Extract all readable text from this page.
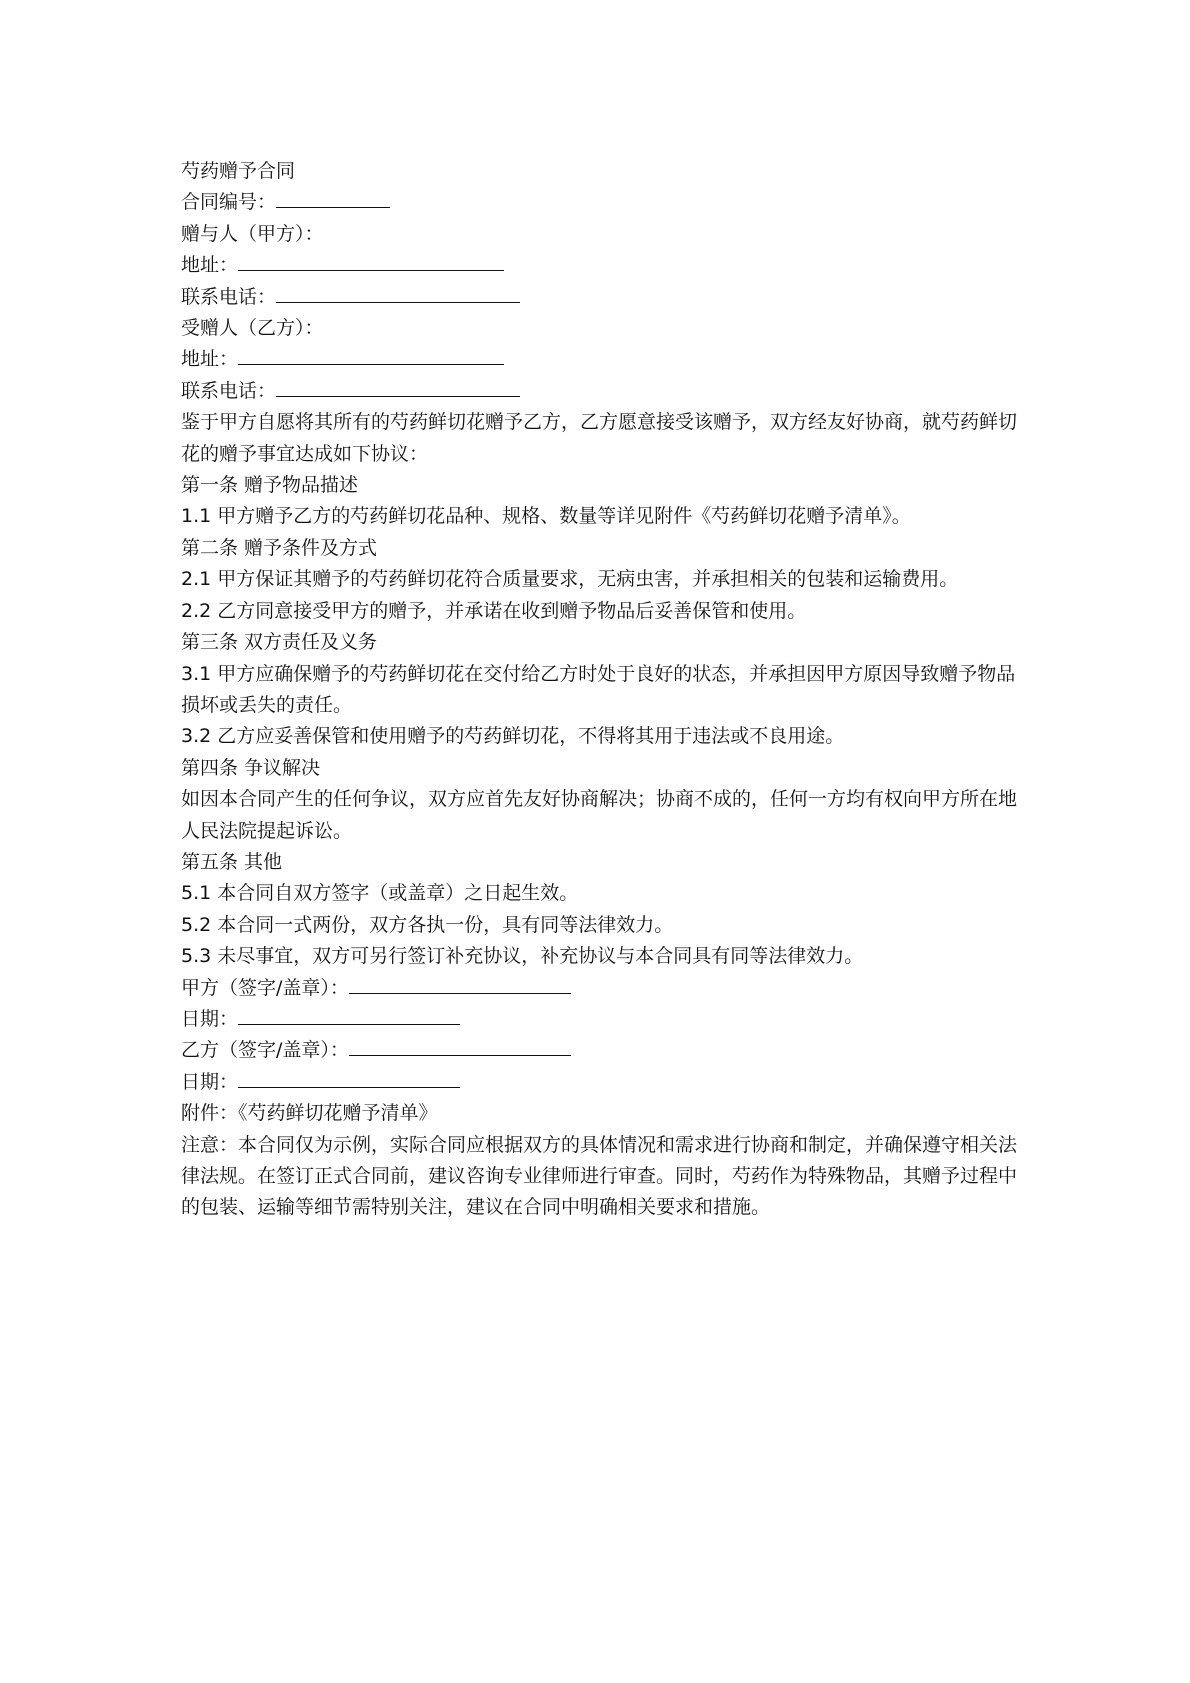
芍药赠予合同

合同编号：

赠与人（甲方）：

地址：

联系电话：

受赠人（乙方）：

地址：

联系电话：

鉴于甲方自愿将其所有的芍药鲜切花赠予乙方，乙方愿意接受该赠予，双方经友好协商，就芍药鲜切花的赠予事宜达成如下协议：

第一条 赠予物品描述

1.1 甲方赠予乙方的芍药鲜切花品种、规格、数量等详见附件《芍药鲜切花赠予清单》。

第二条 赠予条件及方式

2.1 甲方保证其赠予的芍药鲜切花符合质量要求，无病虫害，并承担相关的包装和运输费用。

2.2 乙方同意接受甲方的赠予，并承诺在收到赠予物品后妥善保管和使用。

第三条 双方责任及义务

3.1 甲方应确保赠予的芍药鲜切花在交付给乙方时处于良好的状态，并承担因甲方原因导致赠予物品损坏或丢失的责任。

3.2 乙方应妥善保管和使用赠予的芍药鲜切花，不得将其用于违法或不良用途。

第四条 争议解决

如因本合同产生的任何争议，双方应首先友好协商解决；协商不成的，任何一方均有权向甲方所在地人民法院提起诉讼。

第五条 其他

5.1 本合同自双方签字（或盖章）之日起生效。

5.2 本合同一式两份，双方各执一份，具有同等法律效力。

5.3 未尽事宜，双方可另行签订补充协议，补充协议与本合同具有同等法律效力。

甲方（签字/盖章）：

日期：

乙方（签字/盖章）：

日期：

附件：《芍药鲜切花赠予清单》

注意：本合同仅为示例，实际合同应根据双方的具体情况和需求进行协商和制定，并确保遵守相关法律法规。在签订正式合同前，建议咨询专业律师进行审查。同时，芍药作为特殊物品，其赠予过程中的包装、运输等细节需特别关注，建议在合同中明确相关要求和措施。
